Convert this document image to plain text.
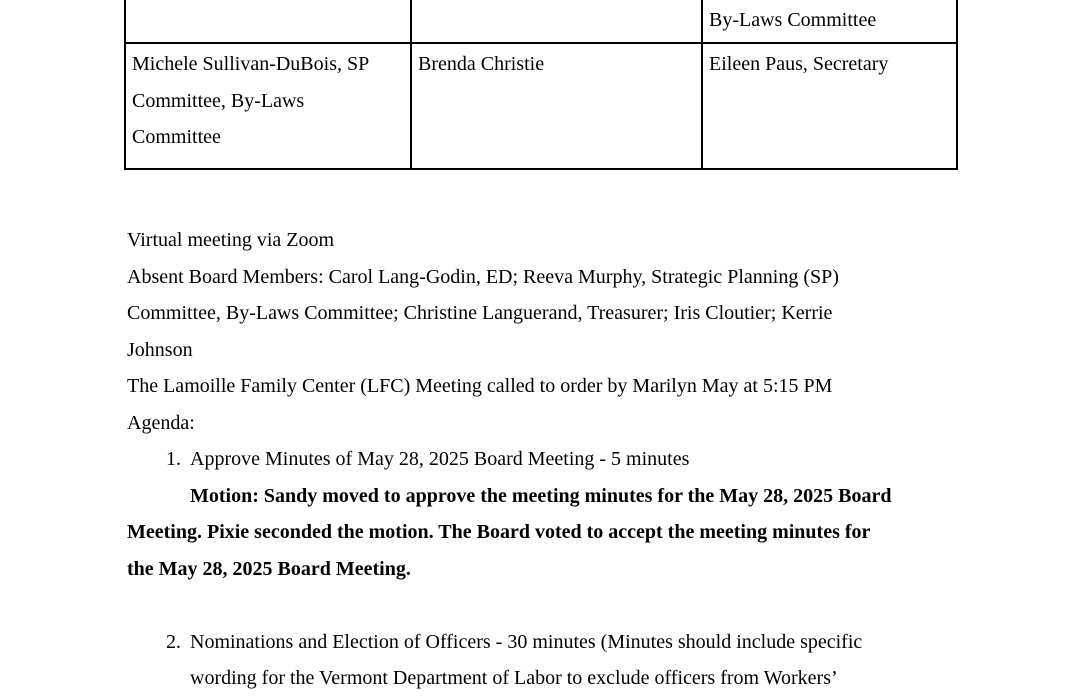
		By-Laws Committee

Michele Sullivan-DuBois, SP
Committee, By-Laws
Committee	Brenda Christie	Eileen Paus, Secretary
Virtual meeting via Zoom
Absent Board Members: Carol Lang-Godin, ED; Reeva Murphy, Strategic Planning (SP)
Committee, By-Laws Committee; Christine Languerand, Treasurer; Iris Cloutier; Kerrie
Johnson
The Lamoille Family Center (LFC) Meeting called to order by Marilyn May at 5:15 PM
Agenda:
1. Approve Minutes of May 28, 2025 Board Meeting - 5 minutes
Motion: Sandy moved to approve the meeting minutes for the May 28, 2025 Board
Meeting. Pixie seconded the motion. The Board voted to accept the meeting minutes for
the May 28, 2025 Board Meeting.
2. Nominations and Election of Officers - 30 minutes (Minutes should include specific
wording for the Vermont Department of Labor to exclude officers from Workers’
